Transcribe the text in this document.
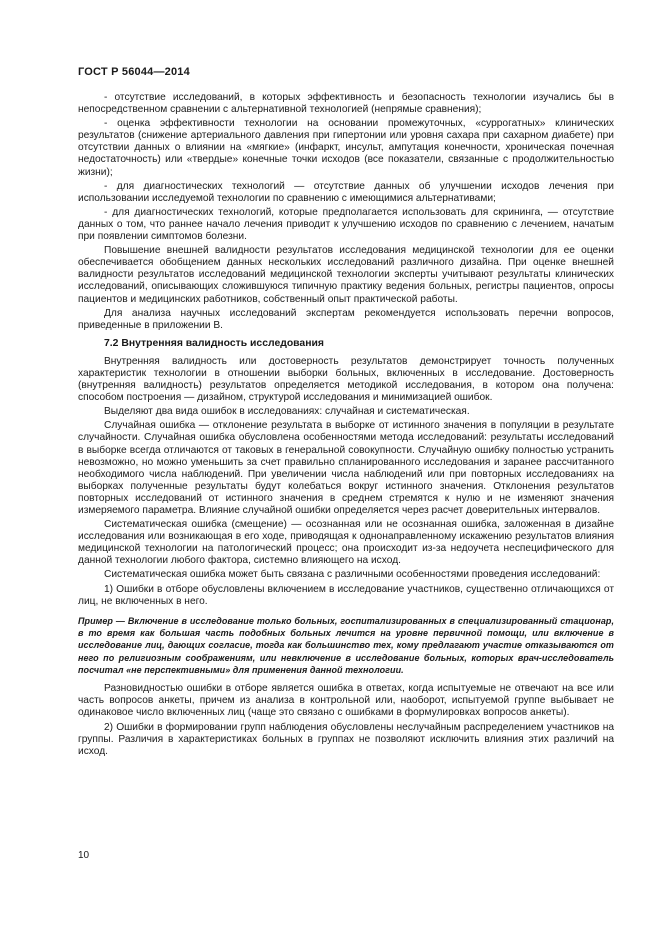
ГОСТ Р 56044—2014

- отсутствие исследований, в которых эффективность и безопасность технологии изучались бы в непосредственном сравнении с альтернативной технологией (непрямые сравнения);

- оценка эффективности технологии на основании промежуточных, «суррогатных» клинических результатов (снижение артериального давления при гипертонии или уровня сахара при сахарном диабете) при отсутствии данных о влиянии на «мягкие» (инфаркт, инсульт, ампутация конечности, хроническая почечная недостаточность) или «твердые» конечные точки исходов (все показатели, связанные с продолжительностью жизни);

- для диагностических технологий — отсутствие данных об улучшении исходов лечения при использовании исследуемой технологии по сравнению с имеющимися альтернативами;

- для диагностических технологий, которые предполагается использовать для скрининга, — отсутствие данных о том, что раннее начало лечения приводит к улучшению исходов по сравнению с лечением, начатым при появлении симптомов болезни.

Повышение внешней валидности результатов исследования медицинской технологии для ее оценки обеспечивается обобщением данных нескольких исследований различного дизайна. При оценке внешней валидности результатов исследований медицинской технологии эксперты учитывают результаты клинических исследований, описывающих сложившуюся типичную практику ведения больных, регистры пациентов, опросы пациентов и медицинских работников, собственный опыт практической работы.

Для анализа научных исследований экспертам рекомендуется использовать перечни вопросов, приведенные в приложении В.

7.2 Внутренняя валидность исследования

Внутренняя валидность или достоверность результатов демонстрирует точность полученных характеристик технологии в отношении выборки больных, включенных в исследование. Достоверность (внутренняя валидность) результатов определяется методикой исследования, в котором она получена: способом построения — дизайном, структурой исследования и минимизацией ошибок.

Выделяют два вида ошибок в исследованиях: случайная и систематическая.

Случайная ошибка — отклонение результата в выборке от истинного значения в популяции в результате случайности. Случайная ошибка обусловлена особенностями метода исследований: результаты исследований в выборке всегда отличаются от таковых в генеральной совокупности. Случайную ошибку полностью устранить невозможно, но можно уменьшить за счет правильно спланированного исследования и заранее рассчитанного необходимого числа наблюдений. При увеличении числа наблюдений или при повторных исследованиях на выборках полученные результаты будут колебаться вокруг истинного значения. Отклонения результатов повторных исследований от истинного значения в среднем стремятся к нулю и не изменяют значения измеряемого параметра. Влияние случайной ошибки определяется через расчет доверительных интервалов.

Систематическая ошибка (смещение) — осознанная или не осознанная ошибка, заложенная в дизайне исследования или возникающая в его ходе, приводящая к однонаправленному искажению результатов влияния медицинской технологии на патологический процесс; она происходит из-за недоучета неспецифического для данной технологии любого фактора, системно влияющего на исход.

Систематическая ошибка может быть связана с различными особенностями проведения исследований:

1) Ошибки в отборе обусловлены включением в исследование участников, существенно отличающихся от лиц, не включенных в него.

Пример — Включение в исследование только больных, госпитализированных в специализированный стационар, в то время как большая часть подобных больных лечится на уровне первичной помощи, или включение в исследование лиц, дающих согласие, тогда как большинство тех, кому предлагают участие отказываются от него по религиозным соображениям, или невключение в исследование больных, которых врач-исследователь посчитал «не перспективными» для применения данной технологии.

Разновидностью ошибки в отборе является ошибка в ответах, когда испытуемые не отвечают на все или часть вопросов анкеты, причем из анализа в контрольной или, наоборот, испытуемой группе выбывает не одинаковое число включенных лиц (чаще это связано с ошибками в формулировках вопросов анкеты).

2) Ошибки в формировании групп наблюдения обусловлены неслучайным распределением участников на группы. Различия в характеристиках больных в группах не позволяют исключить влияния этих различий на исход.

10
